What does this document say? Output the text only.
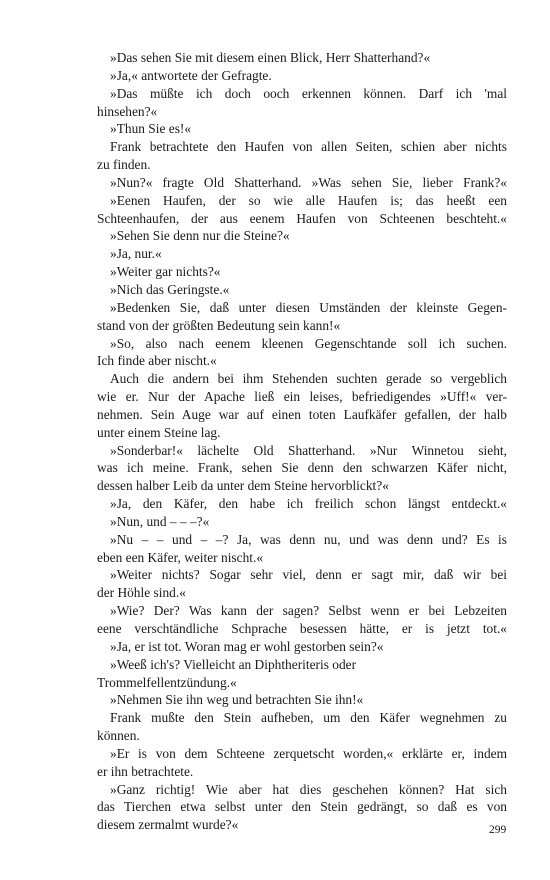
»Das sehen Sie mit diesem einen Blick, Herr Shatterhand?«
»Ja,« antwortete der Gefragte.
»Das müßte ich doch ooch erkennen können. Darf ich 'mal
hinsehen?«
»Thun Sie es!«
Frank betrachtete den Haufen von allen Seiten, schien aber nichts
zu finden.
»Nun?« fragte Old Shatterhand. »Was sehen Sie, lieber Frank?«
»Eenen Haufen, der so wie alle Haufen is; das heeßt een
Schteenhaufen, der aus eenem Haufen von Schteenen beschteht.«
»Sehen Sie denn nur die Steine?«
»Ja, nur.«
»Weiter gar nichts?«
»Nich das Geringste.«
»Bedenken Sie, daß unter diesen Umständen der kleinste Gegen-
stand von der größten Bedeutung sein kann!«
»So, also nach eenem kleenen Gegenschtande soll ich suchen.
Ich finde aber nischt.«
Auch die andern bei ihm Stehenden suchten gerade so vergeblich
wie er. Nur der Apache ließ ein leises, befriedigendes »Uff!« ver-
nehmen. Sein Auge war auf einen toten Laufkäfer gefallen, der halb
unter einem Steine lag.
»Sonderbar!« lächelte Old Shatterhand. »Nur Winnetou sieht,
was ich meine. Frank, sehen Sie denn den schwarzen Käfer nicht,
dessen halber Leib da unter dem Steine hervorblickt?«
»Ja, den Käfer, den habe ich freilich schon längst entdeckt.«
»Nun, und – – –?«
»Nu – – und – –? Ja, was denn nu, und was denn und? Es is
eben een Käfer, weiter nischt.«
»Weiter nichts? Sogar sehr viel, denn er sagt mir, daß wir bei
der Höhle sind.«
»Wie? Der? Was kann der sagen? Selbst wenn er bei Lebzeiten
eene verschtändliche Schprache besessen hätte, er is jetzt tot.«
»Ja, er ist tot. Woran mag er wohl gestorben sein?«
»Weeß ich's? Vielleicht an Diphtheriteris oder
Trommelfellentzündung.«
»Nehmen Sie ihn weg und betrachten Sie ihn!«
Frank mußte den Stein aufheben, um den Käfer wegnehmen zu
können.
»Er is von dem Schteene zerquetscht worden,« erklärte er, indem
er ihn betrachtete.
»Ganz richtig! Wie aber hat dies geschehen können? Hat sich
das Tierchen etwa selbst unter den Stein gedrängt, so daß es von
diesem zermalmt wurde?«	299
